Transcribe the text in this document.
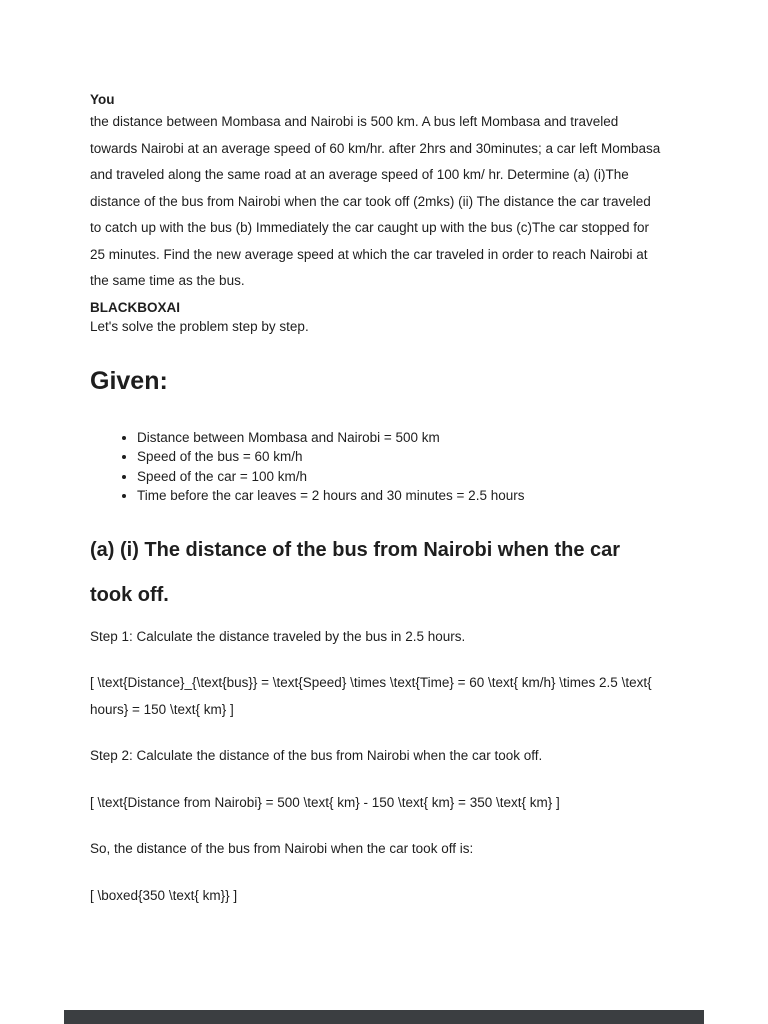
You
the distance between Mombasa and Nairobi is 500 km. A bus left Mombasa and traveled
towards Nairobi at an average speed of 60 km/hr. after 2hrs and 30minutes; a car left Mombasa
and traveled along the same road at an average speed of 100 km/ hr. Determine (a) (i)The
distance of the bus from Nairobi when the car took off (2mks) (ii) The distance the car traveled
to catch up with the bus (b) Immediately the car caught up with the bus (c)The car stopped for
25 minutes. Find the new average speed at which the car traveled in order to reach Nairobi at
the same time as the bus.
BLACKBOXAI
Let's solve the problem step by step.
Given:
• Distance between Mombasa and Nairobi = 500 km
• Speed of the bus = 60 km/h
• Speed of the car = 100 km/h
• Time before the car leaves = 2 hours and 30 minutes = 2.5 hours
(a) (i) The distance of the bus from Nairobi when the car
took off.
Step 1: Calculate the distance traveled by the bus in 2.5 hours.
[ \text{Distance}_{\text{bus}} = \text{Speed} \times \text{Time} = 60 \text{ km/h} \times 2.5 \text{
hours} = 150 \text{ km} ]
Step 2: Calculate the distance of the bus from Nairobi when the car took off.
[ \text{Distance from Nairobi} = 500 \text{ km} - 150 \text{ km} = 350 \text{ km} ]
So, the distance of the bus from Nairobi when the car took off is:
[ \boxed{350 \text{ km}} ]
